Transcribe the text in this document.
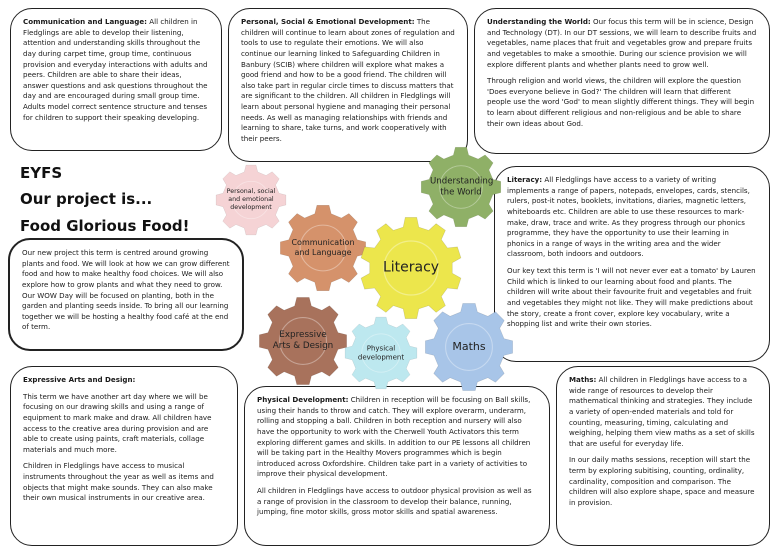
Communication and Language: All children in Fledglings are able to develop their listening, attention and understanding skills throughout the day during carpet time, group time, continuous provision and everyday interactions with adults and peers. Children are able to share their ideas, answer questions and ask questions throughout the day and are encouraged during small group time. Adults model correct sentence structure and tenses for children to support their speaking developing.

Personal, Social & Emotional Development: The children will continue to learn about zones of regulation and tools to use to regulate their emotions. We will also continue our learning linked to Safeguarding Children in Banbury (SCIB) where children will explore what makes a good friend and how to be a good friend. The children will also take part in regular circle times to discuss matters that are significant to the children. All children in Fledglings will learn about personal hygiene and managing their personal needs. As well as managing relationships with friends and learning to share, take turns, and work cooperatively with their peers.

Understanding the World: Our focus this term will be in science, Design and Technology (DT). In our DT sessions, we will learn to describe fruits and vegetables, name places that fruit and vegetables grow and prepare fruits and vegetables to make a smoothie. During our science provision we will explore different plants and whether plants need to grow well.

Through religion and world views, the children will explore the question 'Does everyone believe in God?' The children will learn that different people use the word 'God' to mean slightly different things. They will begin to learn about different religious and non-religious and be able to share their own ideas about God.

Our new project this term is centred around growing plants and food. We will look at how we can grow different food and how to make healthy food choices. We will also explore how to grow plants and what they need to grow. Our WOW Day will be focused on planting, both in the garden and planting seeds inside. To bring all our learning together we will be hosting a healthy food café at the end of term.

Literacy: All Fledglings have access to a variety of writing implements a range of papers, notepads, envelopes, cards, stencils, rulers, post-it notes, booklets, invitations, diaries, magnetic letters, whiteboards etc. Children are able to use these resources to mark-make, draw, trace and write. As they progress through our phonics programme, they have the opportunity to use their learning in phonics in a range of ways in the writing area and the wider classroom, both indoors and outdoors.

Our key text this term is 'I will not never ever eat a tomato' by Lauren Child which is linked to our learning about food and plants. The children will write about their favourite fruit and vegetables and fruit and vegetables they might not like. They will make predictions about the story, create a front cover, explore key vocabulary, write a shopping list and write their own stories.

Expressive Arts and Design:

This term we have another art day where we will be focusing on our drawing skills and using a range of equipment to mark make and draw. All children have access to the creative area during provision and are able to create using paints, craft materials, collage materials and much more.

Children in Fledglings have access to musical instruments throughout the year as well as items and objects that might make sounds. They can also make their own musical instruments in our creative area.

Physical Development: Children in reception will be focusing on Ball skills, using their hands to throw and catch. They will explore overarm, underarm, rolling and stopping a ball. Children in both reception and nursery will also have the opportunity to work with the Cherwell Youth Activators this term exploring different games and skills. In addition to our PE lessons all children will be taking part in the Healthy Movers programmes which is begin introduced across Oxfordshire. Children take part in a variety of activities to improve their physical development.

All children in Fledglings have access to outdoor physical provision as well as a range of provision in the classroom to develop their balance, running, jumping, fine motor skills, gross motor skills and spatial awareness.

Maths: All children in Fledglings have access to a wide range of resources to develop their mathematical thinking and strategies. They include a variety of open-ended materials and told for counting, measuring, timing, calculating and weighing, helping them view maths as a set of skills that are useful for everyday life.

In our daily maths sessions, reception will start the term by exploring subitising, counting, ordinality, cardinality, composition and comparison. The children will also explore shape, space and measure in provision.

EYFS
Our project is...
Food Glorious Food!
Personal, social and emotional development
Communication and Language
Understanding the World
Literacy
Expressive Arts & Design	Physical development
Maths
